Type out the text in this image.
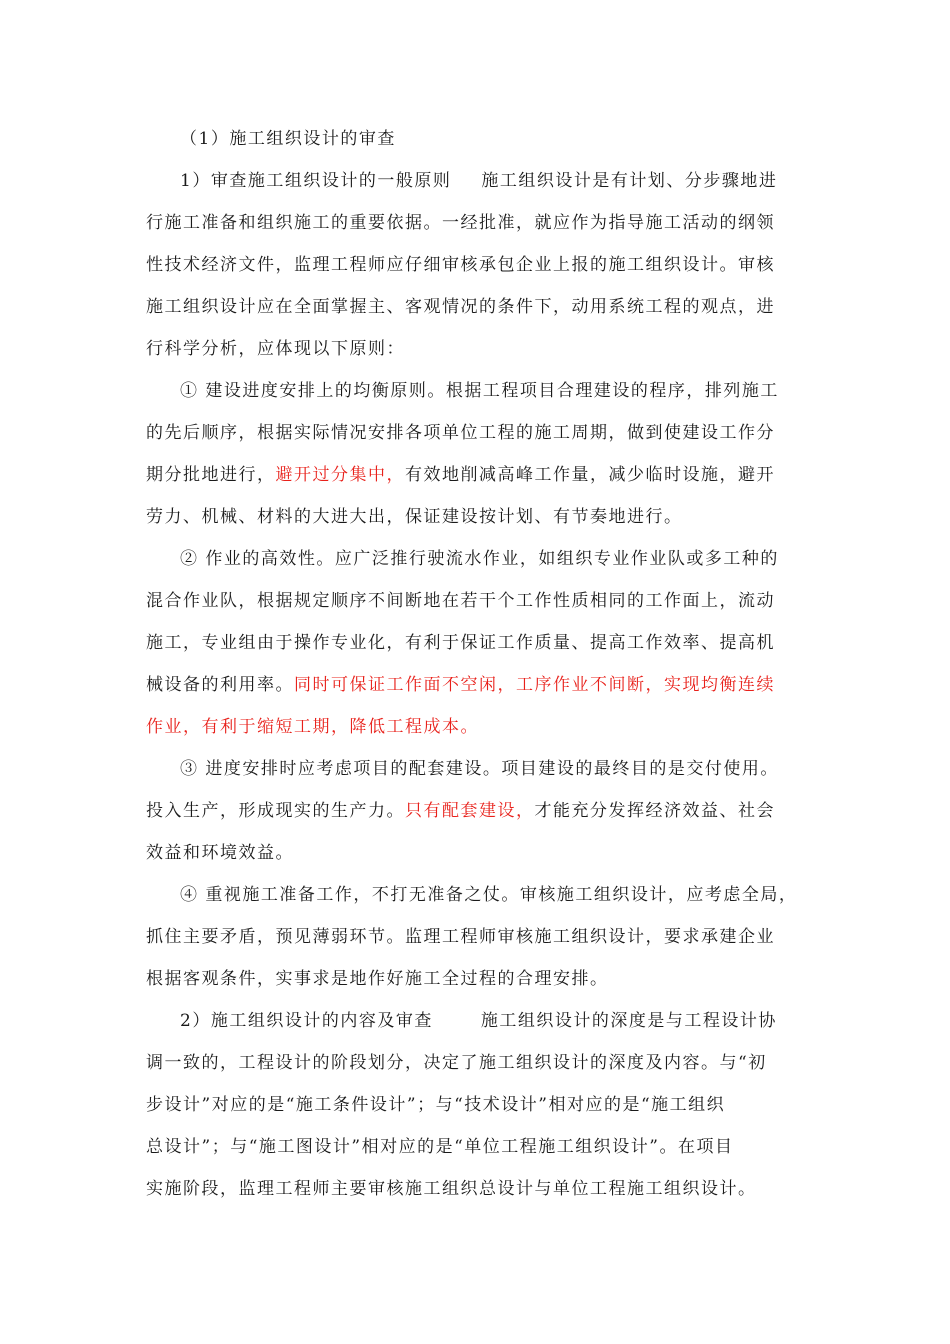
（1）施工组织设计的审查
1）审查施工组织设计的一般原则 施工组织设计是有计划、分步骤地进
行施工准备和组织施工的重要依据。一经批准，就应作为指导施工活动的纲领
性技术经济文件，监理工程师应仔细审核承包企业上报的施工组织设计。审核
施工组织设计应在全面掌握主、客观情况的条件下，动用系统工程的观点，进
行科学分析，应体现以下原则：
① 建设进度安排上的均衡原则。根据工程项目合理建设的程序，排列施工
的先后顺序，根据实际情况安排各项单位工程的施工周期，做到使建设工作分
期分批地进行，避开过分集中，有效地削减高峰工作量，减少临时设施，避开
劳力、机械、材料的大进大出，保证建设按计划、有节奏地进行。
② 作业的高效性。应广泛推行驶流水作业，如组织专业作业队或多工种的
混合作业队，根据规定顺序不间断地在若干个工作性质相同的工作面上，流动
施工，专业组由于操作专业化，有利于保证工作质量、提高工作效率、提高机
械设备的利用率。同时可保证工作面不空闲，工序作业不间断，实现均衡连续
作业，有利于缩短工期，降低工程成本。
③ 进度安排时应考虑项目的配套建设。项目建设的最终目的是交付使用。
投入生产，形成现实的生产力。只有配套建设，才能充分发挥经济效益、社会
效益和环境效益。
④ 重视施工准备工作，不打无准备之仗。审核施工组织设计，应考虑全局，
抓住主要矛盾，预见薄弱环节。监理工程师审核施工组织设计，要求承建企业
根据客观条件，实事求是地作好施工全过程的合理安排。
2）施工组织设计的内容及审查	施工组织设计的深度是与工程设计协
调一致的，工程设计的阶段划分，决定了施工组织设计的深度及内容。与“初
步设计”对应的是“施工条件设计”；与“技术设计”相对应的是“施工组织
总设计”；与“施工图设计”相对应的是“单位工程施工组织设计”。在项目
实施阶段，监理工程师主要审核施工组织总设计与单位工程施工组织设计。
